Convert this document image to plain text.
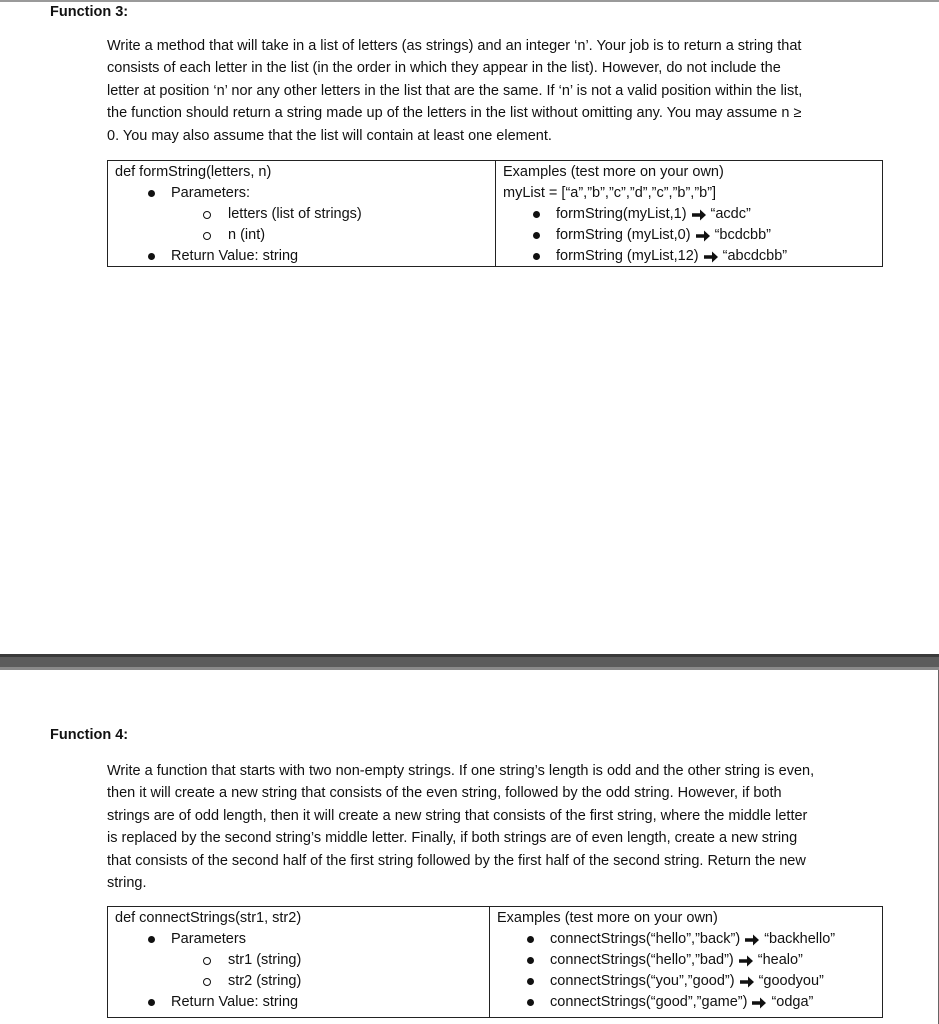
Function 3:
Write a method that will take in a list of letters (as strings) and an integer ‘n’. Your job is to return a string that
consists of each letter in the list (in the order in which they appear in the list). However, do not include the
letter at position ‘n’ nor any other letters in the list that are the same. If ‘n’ is not a valid position within the list,
the function should return a string made up of the letters in the list without omitting any. You may assume n ≥
0. You may also assume that the list will contain at least one element.
def formString(letters, n)
Parameters:
letters (list of strings)
n (int)
Return Value: string
Examples (test more on your own)
myList = [“a”,”b”,”c”,”d”,”c”,”b”,”b”]
formString(myList,1) “acdc”
formString (myList,0) “bcdcbb”
formString (myList,12) “abcdcbb”
Function 4:
Write a function that starts with two non-empty strings. If one string’s length is odd and the other string is even,
then it will create a new string that consists of the even string, followed by the odd string. However, if both
strings are of odd length, then it will create a new string that consists of the first string, where the middle letter
is replaced by the second string’s middle letter. Finally, if both strings are of even length, create a new string
that consists of the second half of the first string followed by the first half of the second string. Return the new
string.
def connectStrings(str1, str2)
Parameters
str1 (string)
str2 (string)
Return Value: string
Examples (test more on your own)
connectStrings(“hello”,”back”) “backhello”
connectStrings(“hello”,”bad”) “healo”
connectStrings(“you”,”good”) “goodyou”
connectStrings(“good”,”game”) “odga”
